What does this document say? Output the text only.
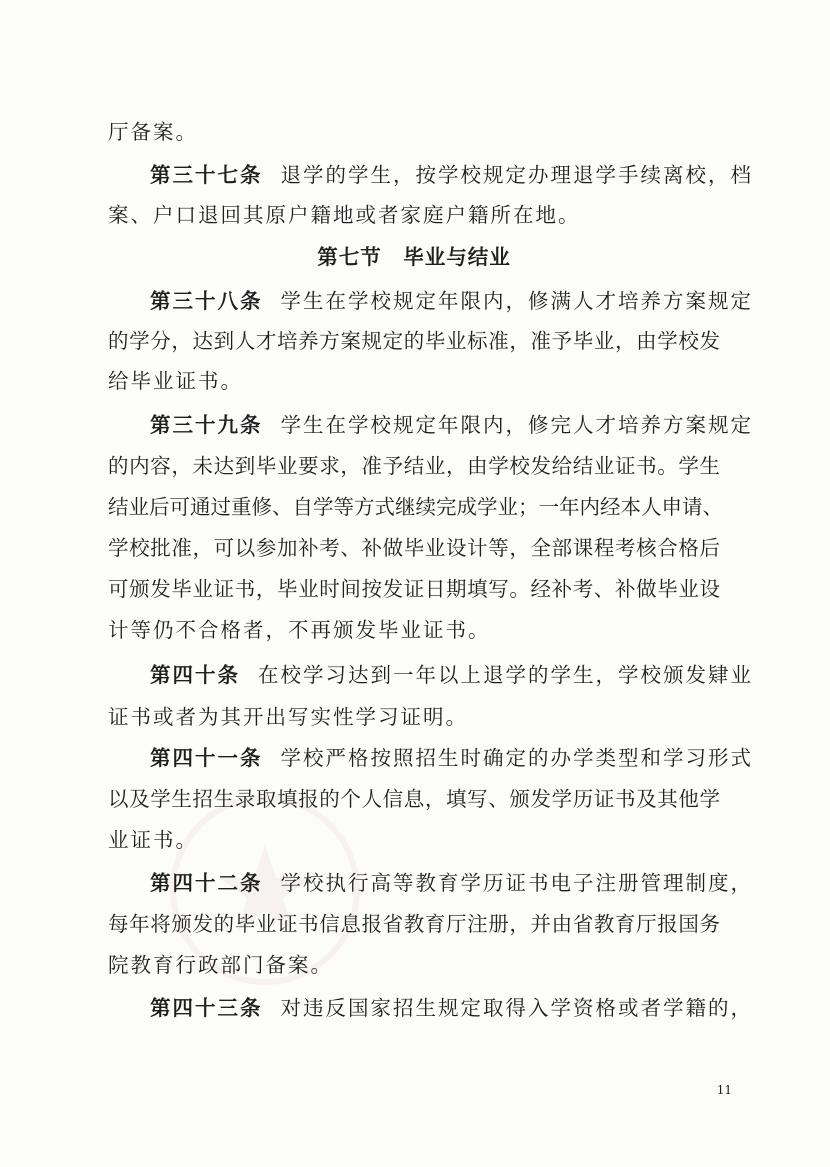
厅备案。
第三十七条 退学的学生，按学校规定办理退学手续离校，档
案、户口退回其原户籍地或者家庭户籍所在地。
第七节　毕业与结业
第三十八条 学生在学校规定年限内，修满人才培养方案规定
的学分，达到人才培养方案规定的毕业标准，准予毕业，由学校发
给毕业证书。
第三十九条 学生在学校规定年限内，修完人才培养方案规定
的内容，未达到毕业要求，准予结业，由学校发给结业证书。学生
结业后可通过重修、自学等方式继续完成学业；一年内经本人申请、
学校批准，可以参加补考、补做毕业设计等，全部课程考核合格后
可颁发毕业证书，毕业时间按发证日期填写。经补考、补做毕业设
计等仍不合格者，不再颁发毕业证书。
第四十条 在校学习达到一年以上退学的学生，学校颁发肄业
证书或者为其开出写实性学习证明。
第四十一条 学校严格按照招生时确定的办学类型和学习形式
以及学生招生录取填报的个人信息，填写、颁发学历证书及其他学
业证书。
第四十二条 学校执行高等教育学历证书电子注册管理制度，
每年将颁发的毕业证书信息报省教育厅注册，并由省教育厅报国务
院教育行政部门备案。
第四十三条 对违反国家招生规定取得入学资格或者学籍的，
11
